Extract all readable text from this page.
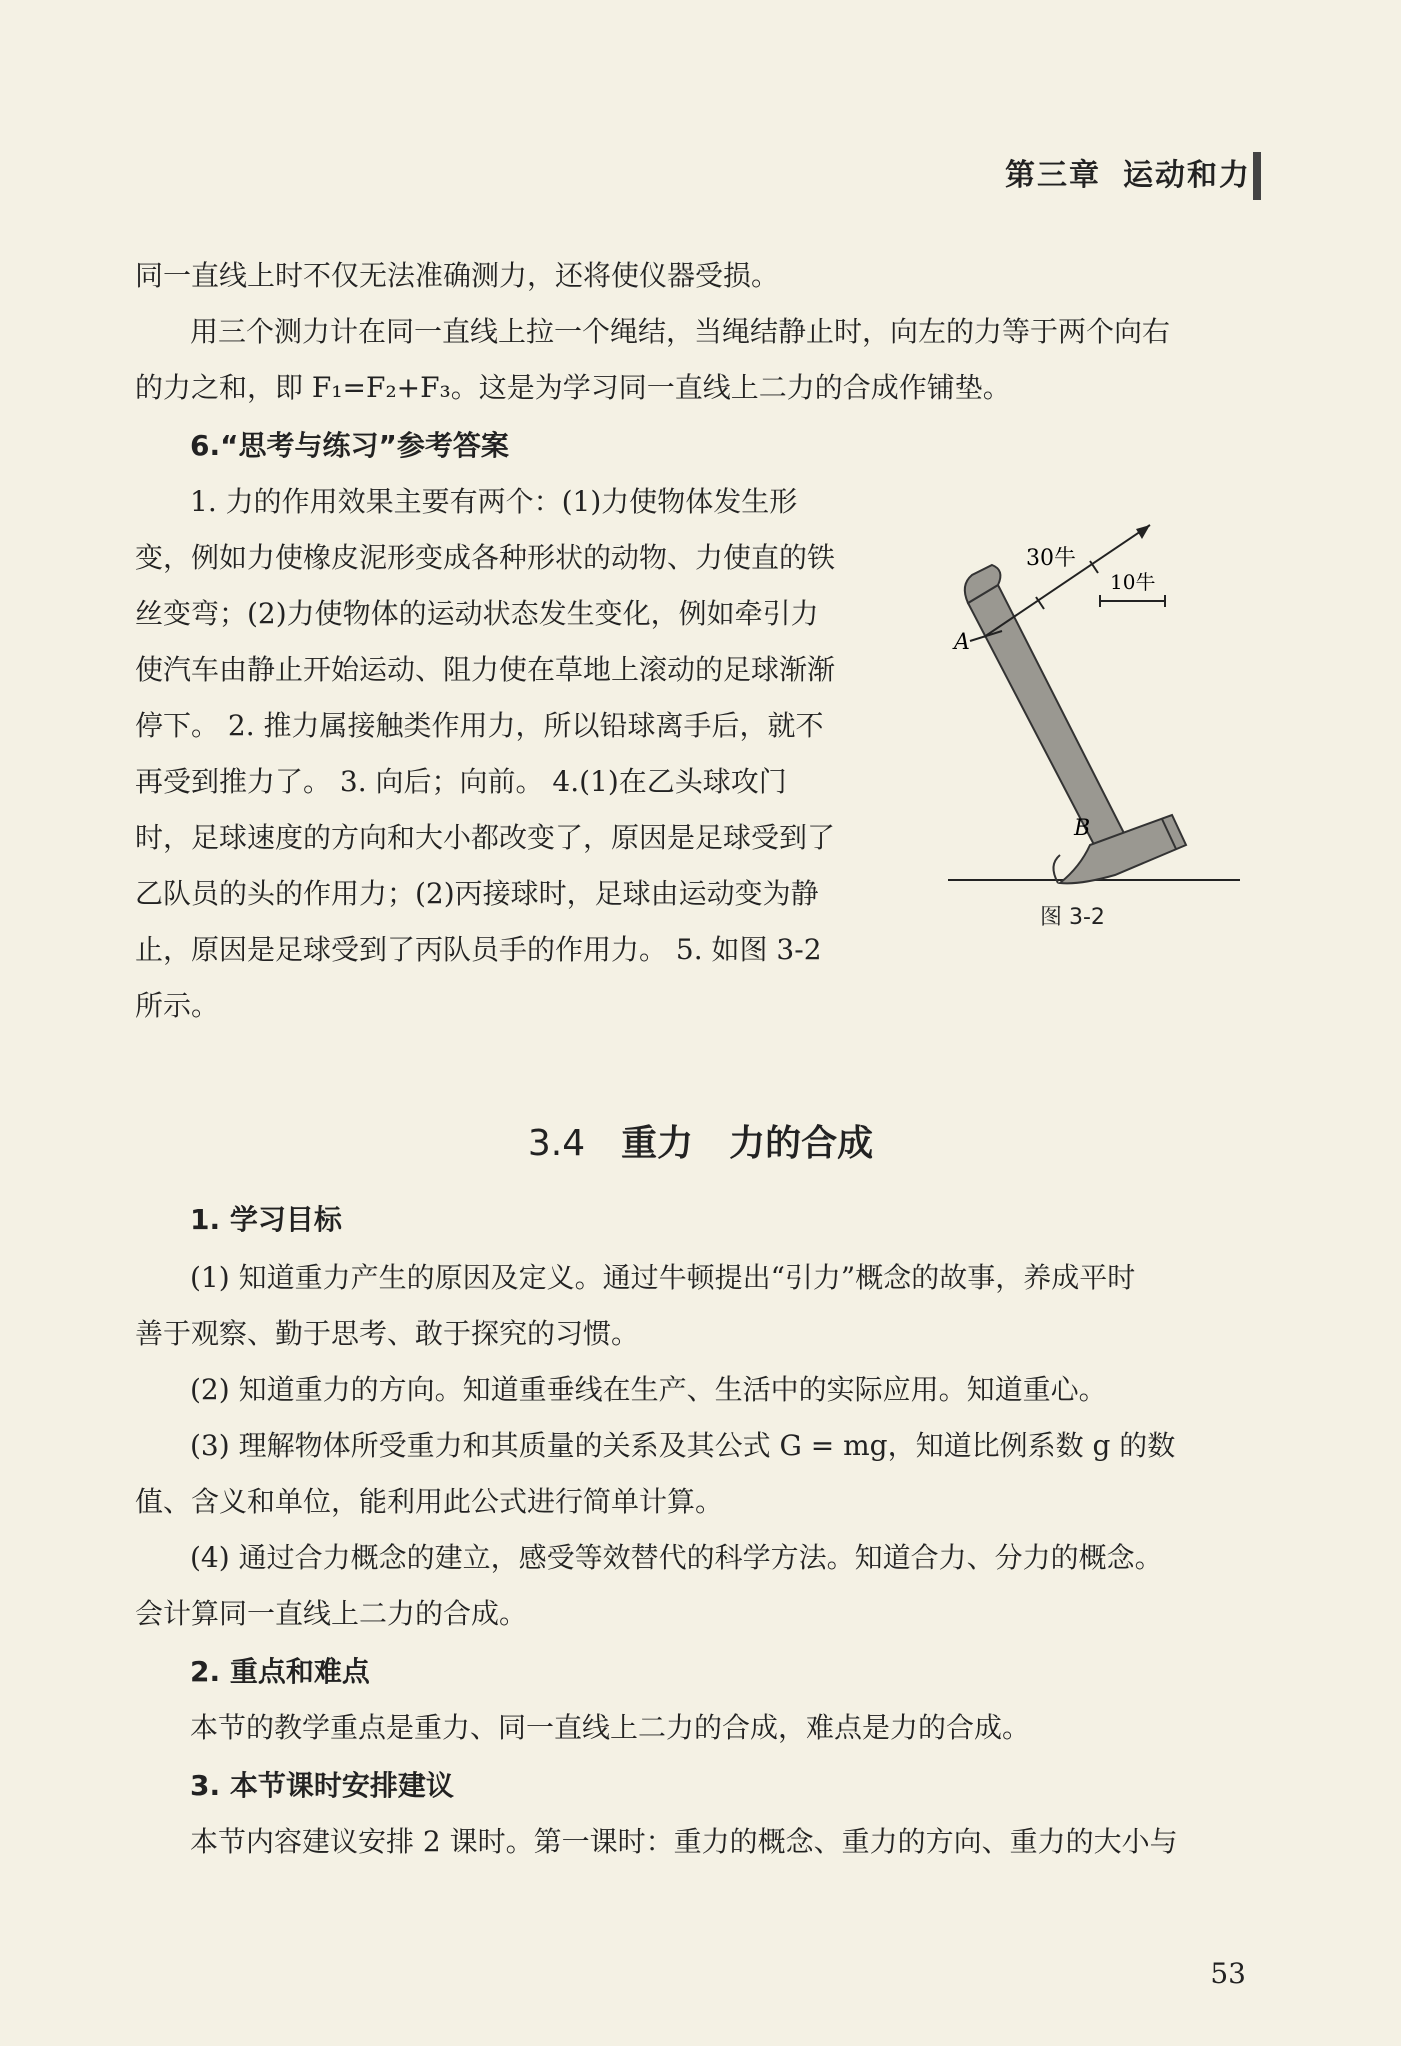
第三章 运动和力
同一直线上时不仅无法准确测力，还将使仪器受损。
用三个测力计在同一直线上拉一个绳结，当绳结静止时，向左的力等于两个向右
的力之和，即 F₁=F₂+F₃。这是为学习同一直线上二力的合成作铺垫。
6.“思考与练习”参考答案
1. 力的作用效果主要有两个：(1)力使物体发生形
变，例如力使橡皮泥形变成各种形状的动物、力使直的铁
丝变弯；(2)力使物体的运动状态发生变化，例如牵引力
使汽车由静止开始运动、阻力使在草地上滚动的足球渐渐
停下。 2. 推力属接触类作用力，所以铅球离手后，就不
再受到推力了。 3. 向后；向前。 4.(1)在乙头球攻门
时，足球速度的方向和大小都改变了，原因是足球受到了
乙队员的头的作用力；(2)丙接球时，足球由运动变为静
止，原因是足球受到了丙队员手的作用力。 5. 如图 3-2
所示。
30牛
10牛
A
B
图 3-2
3.4 重力　力的合成
1. 学习目标
(1) 知道重力产生的原因及定义。通过牛顿提出“引力”概念的故事，养成平时
善于观察、勤于思考、敢于探究的习惯。
(2) 知道重力的方向。知道重垂线在生产、生活中的实际应用。知道重心。
(3) 理解物体所受重力和其质量的关系及其公式 G = mg，知道比例系数 g 的数
值、含义和单位，能利用此公式进行简单计算。
(4) 通过合力概念的建立，感受等效替代的科学方法。知道合力、分力的概念。
会计算同一直线上二力的合成。
2. 重点和难点
本节的教学重点是重力、同一直线上二力的合成，难点是力的合成。
3. 本节课时安排建议
本节内容建议安排 2 课时。第一课时：重力的概念、重力的方向、重力的大小与
53
